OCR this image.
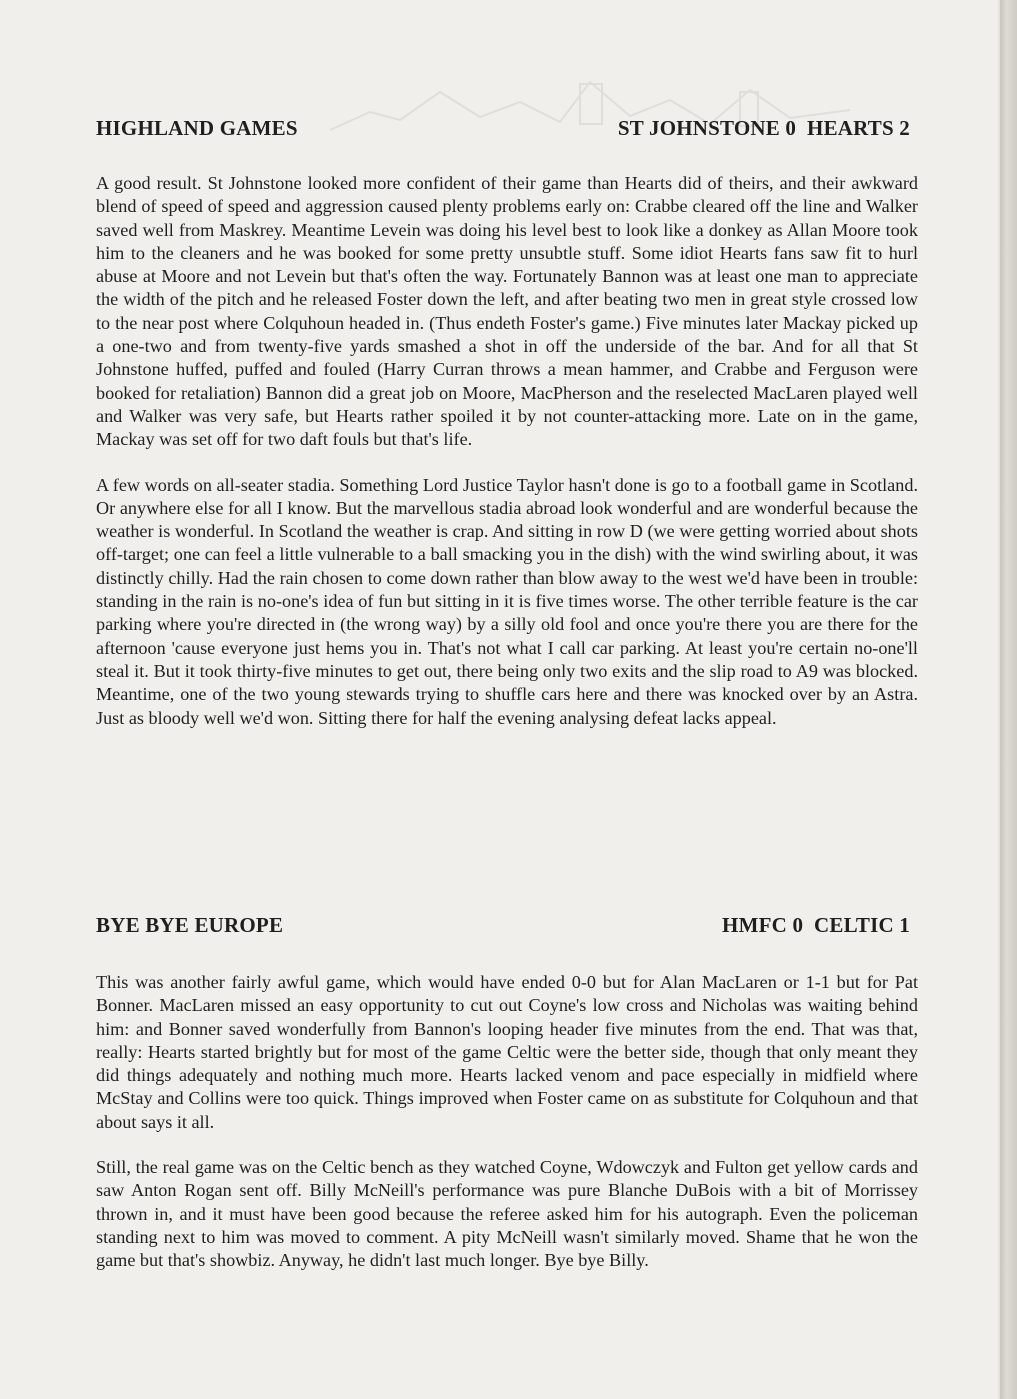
HIGHLAND GAMES	ST JOHNSTONE 0  HEARTS 2

A good result. St Johnstone looked more confident of their game than Hearts did of theirs, and their awkward blend of speed of speed and aggression caused plenty problems early on: Crabbe cleared off the line and Walker saved well from Maskrey. Meantime Levein was doing his level best to look like a donkey as Allan Moore took him to the cleaners and he was booked for some pretty unsubtle stuff. Some idiot Hearts fans saw fit to hurl abuse at Moore and not Levein but that's often the way. Fortunately Bannon was at least one man to appreciate the width of the pitch and he released Foster down the left, and after beating two men in great style crossed low to the near post where Colquhoun headed in. (Thus endeth Foster's game.) Five minutes later Mackay picked up a one-two and from twenty-five yards smashed a shot in off the underside of the bar. And for all that St Johnstone huffed, puffed and fouled (Harry Curran throws a mean hammer, and Crabbe and Ferguson were booked for retaliation) Bannon did a great job on Moore, MacPherson and the reselected MacLaren played well and Walker was very safe, but Hearts rather spoiled it by not counter-attacking more. Late on in the game, Mackay was set off for two daft fouls but that's life.

A few words on all-seater stadia. Something Lord Justice Taylor hasn't done is go to a football game in Scotland. Or anywhere else for all I know. But the marvellous stadia abroad look wonderful and are wonderful because the weather is wonderful. In Scotland the weather is crap. And sitting in row D (we were getting worried about shots off-target; one can feel a little vulnerable to a ball smacking you in the dish) with the wind swirling about, it was distinctly chilly. Had the rain chosen to come down rather than blow away to the west we'd have been in trouble: standing in the rain is no-one's idea of fun but sitting in it is five times worse. The other terrible feature is the car parking where you're directed in (the wrong way) by a silly old fool and once you're there you are there for the afternoon 'cause everyone just hems you in. That's not what I call car parking. At least you're certain no-one'll steal it. But it took thirty-five minutes to get out, there being only two exits and the slip road to A9 was blocked. Meantime, one of the two young stewards trying to shuffle cars here and there was knocked over by an Astra. Just as bloody well we'd won. Sitting there for half the evening analysing defeat lacks appeal.

BYE BYE EUROPE	HMFC 0  CELTIC 1

This was another fairly awful game, which would have ended 0-0 but for Alan MacLaren or 1-1 but for Pat Bonner. MacLaren missed an easy opportunity to cut out Coyne's low cross and Nicholas was waiting behind him: and Bonner saved wonderfully from Bannon's looping header five minutes from the end. That was that, really: Hearts started brightly but for most of the game Celtic were the better side, though that only meant they did things adequately and nothing much more. Hearts lacked venom and pace especially in midfield where McStay and Collins were too quick. Things improved when Foster came on as substitute for Colquhoun and that about says it all.

Still, the real game was on the Celtic bench as they watched Coyne, Wdowczyk and Fulton get yellow cards and saw Anton Rogan sent off. Billy McNeill's performance was pure Blanche DuBois with a bit of Morrissey thrown in, and it must have been good because the referee asked him for his autograph. Even the policeman standing next to him was moved to comment. A pity McNeill wasn't similarly moved. Shame that he won the game but that's showbiz. Anyway, he didn't last much longer. Bye bye Billy.
